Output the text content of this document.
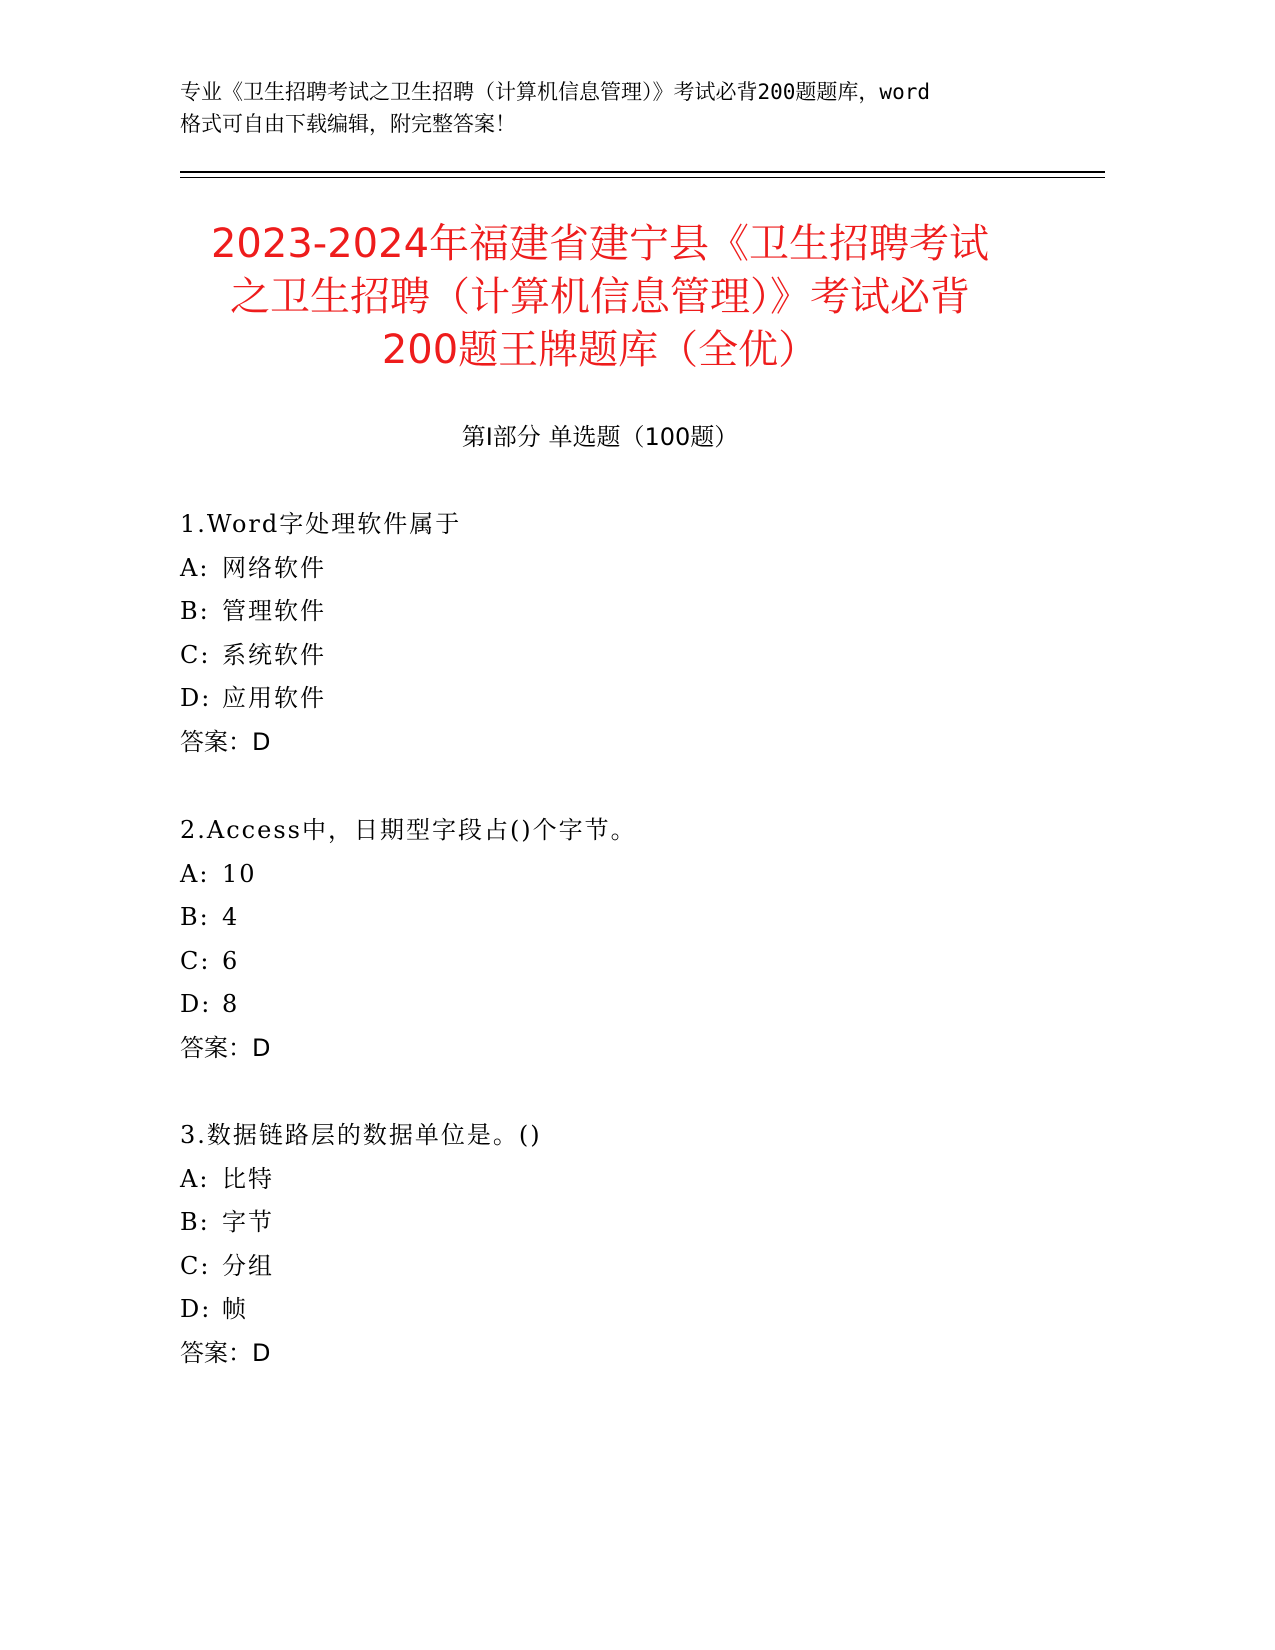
专业《卫生招聘考试之卫生招聘（计算机信息管理）》考试必背200题题库，word
格式可自由下载编辑，附完整答案！
2023-2024年福建省建宁县《卫生招聘考试
之卫生招聘（计算机信息管理）》考试必背
200题王牌题库（全优）
第Ⅰ部分 单选题（100题）
1.Word字处理软件属于
A: 网络软件
B: 管理软件
C: 系统软件
D: 应用软件
答案：D
2.Access中，日期型字段占()个字节。
A: 10
B: 4
C: 6
D: 8
答案：D
3.数据链路层的数据单位是。()
A: 比特
B: 字节
C: 分组
D: 帧
答案：D
